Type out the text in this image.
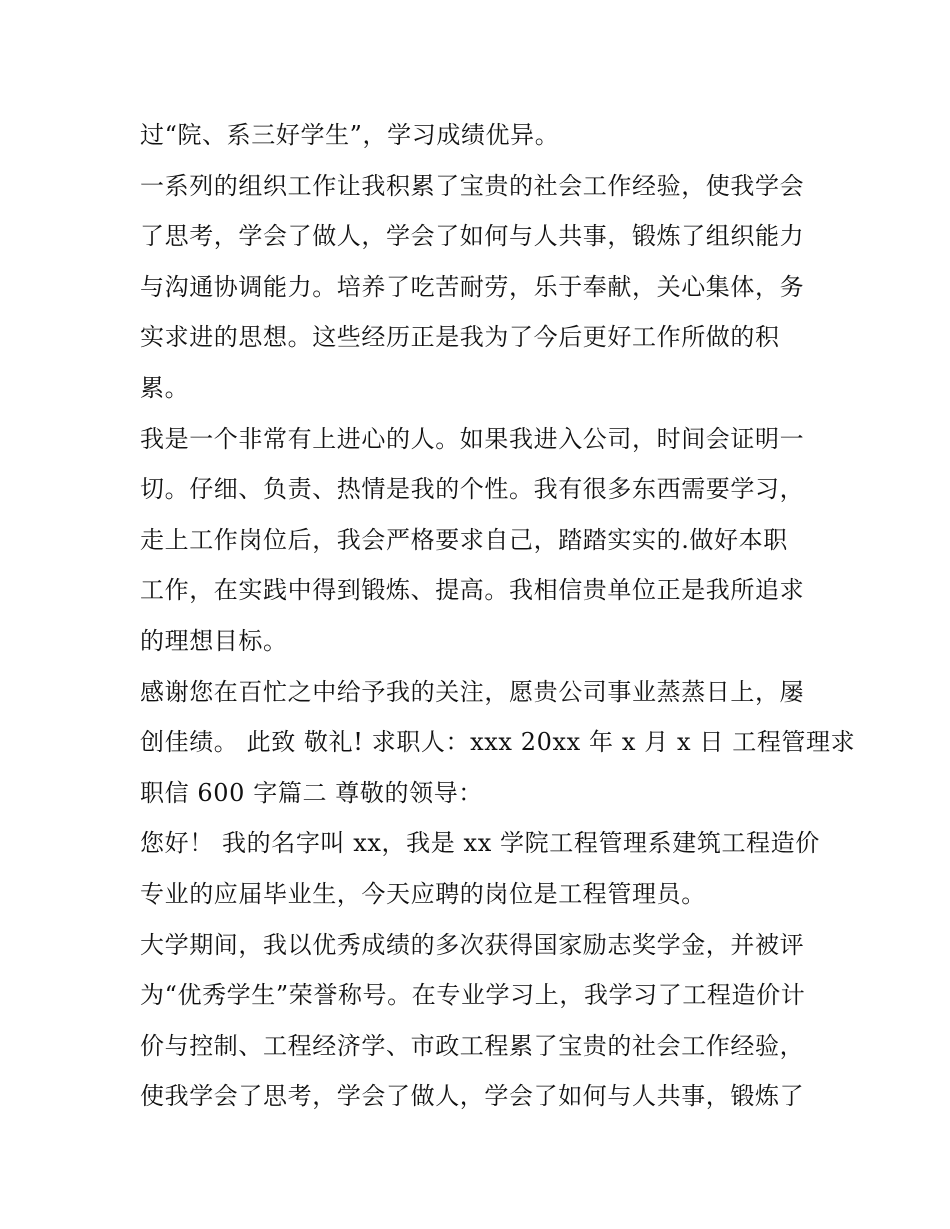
过“院、系三好学生”，学习成绩优异。

一系列的组织工作让我积累了宝贵的社会工作经验，使我学会
了思考，学会了做人，学会了如何与人共事，锻炼了组织能力
与沟通协调能力。培养了吃苦耐劳，乐于奉献，关心集体，务
实求进的思想。这些经历正是我为了今后更好工作所做的积
累。

我是一个非常有上进心的人。如果我进入公司，时间会证明一
切。仔细、负责、热情是我的个性。我有很多东西需要学习，
走上工作岗位后，我会严格要求自己，踏踏实实的.做好本职
工作，在实践中得到锻炼、提高。我相信贵单位正是我所追求
的理想目标。

感谢您在百忙之中给予我的关注，愿贵公司事业蒸蒸日上，屡
创佳绩。 此致 敬礼! 求职人：xxx 20xx 年 x 月 x 日 工程管理求
职信 600 字篇二 尊敬的领导：

您好！ 我的名字叫 xx，我是 xx 学院工程管理系建筑工程造价
专业的应届毕业生，今天应聘的岗位是工程管理员。

大学期间，我以优秀成绩的多次获得国家励志奖学金，并被评
为“优秀学生”荣誉称号。在专业学习上，我学习了工程造价计
价与控制、工程经济学、市政工程累了宝贵的社会工作经验，
使我学会了思考，学会了做人，学会了如何与人共事，锻炼了
